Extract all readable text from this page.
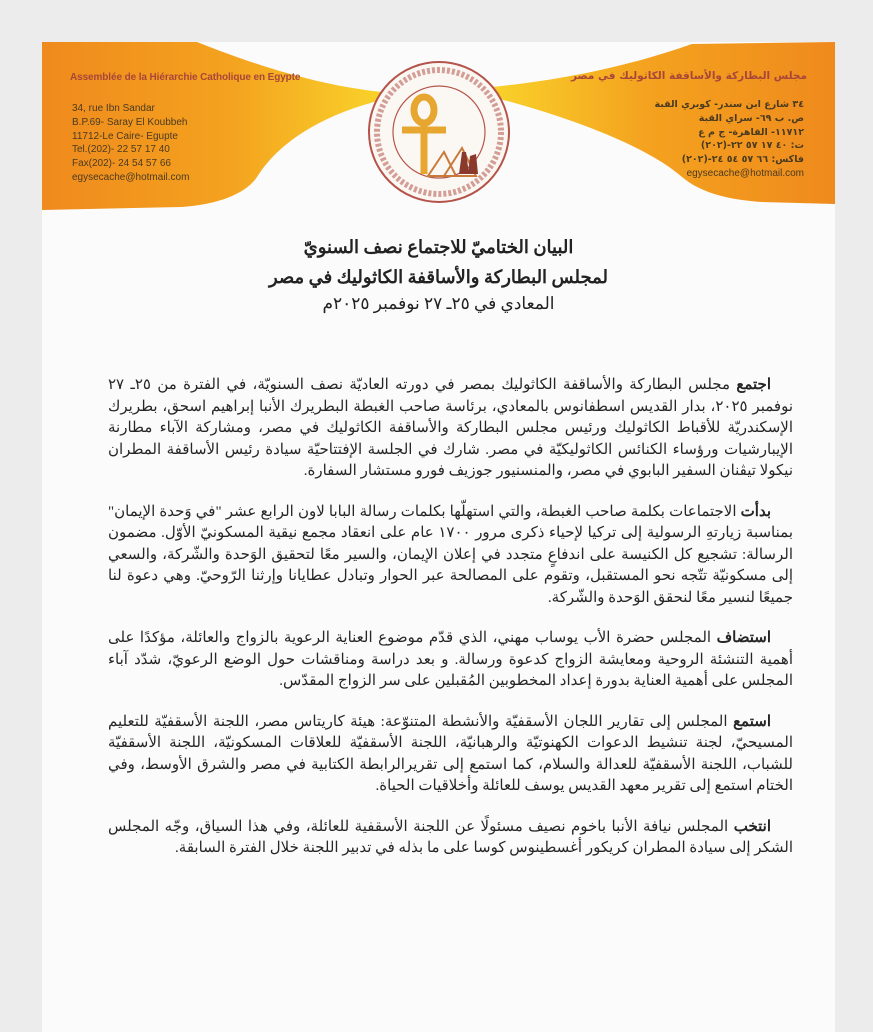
Assemblée de la Hiérarchie Catholique en Egypte
34, rue Ibn Sandar
B.P.69- Saray El Koubbeh
11712-Le Caire- Egupte
Tel.(202)- 22 57 17 40
Fax(202)- 24 54 57 66
egysecache@hotmail.com
مجلس البطاركة والأساقفة الكاثوليك في مصر
٣٤ شارع ابن سندر- كوبري القبة
ص. ب ٦٩- سراي القبة
١١٧١٢- القاهرة- ج م ع
ت: ٤٠ ١٧ ٥٧ ٢٢-(٢٠٢)
فاكس: ٦٦ ٥٧ ٥٤ ٢٤-(٢٠٢)
egysecache@hotmail.com
البيان الختاميّ للاجتماع نصف السنويّ
لمجلس البطاركة والأساقفة الكاثوليك في مصر
المعادي في ٢٥ـ ٢٧ نوفمبر ٢٠٢٥م

اجتمع مجلس البطاركة والأساقفة الكاثوليك بمصر في دورته العاديّة نصف السنويّة، في الفترة من ٢٥ـ ٢٧ نوفمبر ٢٠٢٥، بدار القديس اسطفانوس بالمعادي، برئاسة صاحب الغبطة البطريرك الأنبا إبراهيم اسحق، بطريرك الإسكندريّة للأقباط الكاثوليك ورئيس مجلس البطاركة والأساقفة الكاثوليك في مصر، ومشاركة الآباء مطارنة الإيبارشيات ورؤساء الكنائس الكاثوليكيّة في مصر. شارك في الجلسة الإفتتاحيّة سيادة رئيس الأساقفة المطران نيكولا تيڤنان السفير البابوي في مصر، والمنسنيور جوزيف فورو مستشار السفارة.

بدأت الاجتماعات بكلمة صاحب الغبطة، والتي استهلّها بكلمات رسالة البابا لاون الرابع عشر "في وَحدة الإيمان" بمناسبة زيارتهِ الرسولية إلى تركيا لإحياء ذكرى مرور ١٧٠٠ عام على انعقاد مجمع نيقية المسكونيّ الأوّل. مضمون الرسالة: تشجيع كل الكنيسة على اندفاعٍ متجدد في إعلان الإيمان، والسير معًا لتحقيق الوَحدة والشّركة، والسعي إلى مسكونيّة تتّجه نحو المستقبل، وتقوم على المصالحة عبر الحوار وتبادل عطايانا وإرثنا الرّوحيّ. وهي دعوة لنا جميعًا لنسير معًا لنحقق الوَحدة والشّركة.

استضاف المجلس حضرة الأب يوساب مهني، الذي قدّم موضوع العناية الرعوية بالزواج والعائلة، مؤكدًا على أهمية التنشئة الروحية ومعايشة الزواج كدعوة ورسالة. و بعد دراسة ومناقشات حول الوضع الرعويّ، شدّد آباء المجلس على أهمية العناية بدورة إعداد المخطوبين المُقبلين على سر الزواج المقدّس.

استمع المجلس إلى تقارير اللجان الأسقفيّة والأنشطة المتنوّعة: هيئة كاريتاس مصر، اللجنة الأسقفيّة للتعليم المسيحيّ، لجنة تنشيط الدعوات الكهنوتيّة والرهبانيّة، اللجنة الأسقفيّة للعلاقات المسكونيّة، اللجنة الأسقفيّة للشباب، اللجنة الأسقفيّة للعدالة والسلام، كما استمع إلى تقريرالرابطة الكتابية في مصر والشرق الأوسط، وفي الختام استمع إلى تقرير معهد القديس يوسف للعائلة وأخلاقيات الحياة.

انتخب المجلس نيافة الأنبا باخوم نصيف مسئولًا عن اللجنة الأسقفية للعائلة، وفي هذا السياق، وجّه المجلس الشكر إلى سيادة المطران كريكور أغسطينوس كوسا على ما بذله في تدبير اللجنة خلال الفترة السابقة.
